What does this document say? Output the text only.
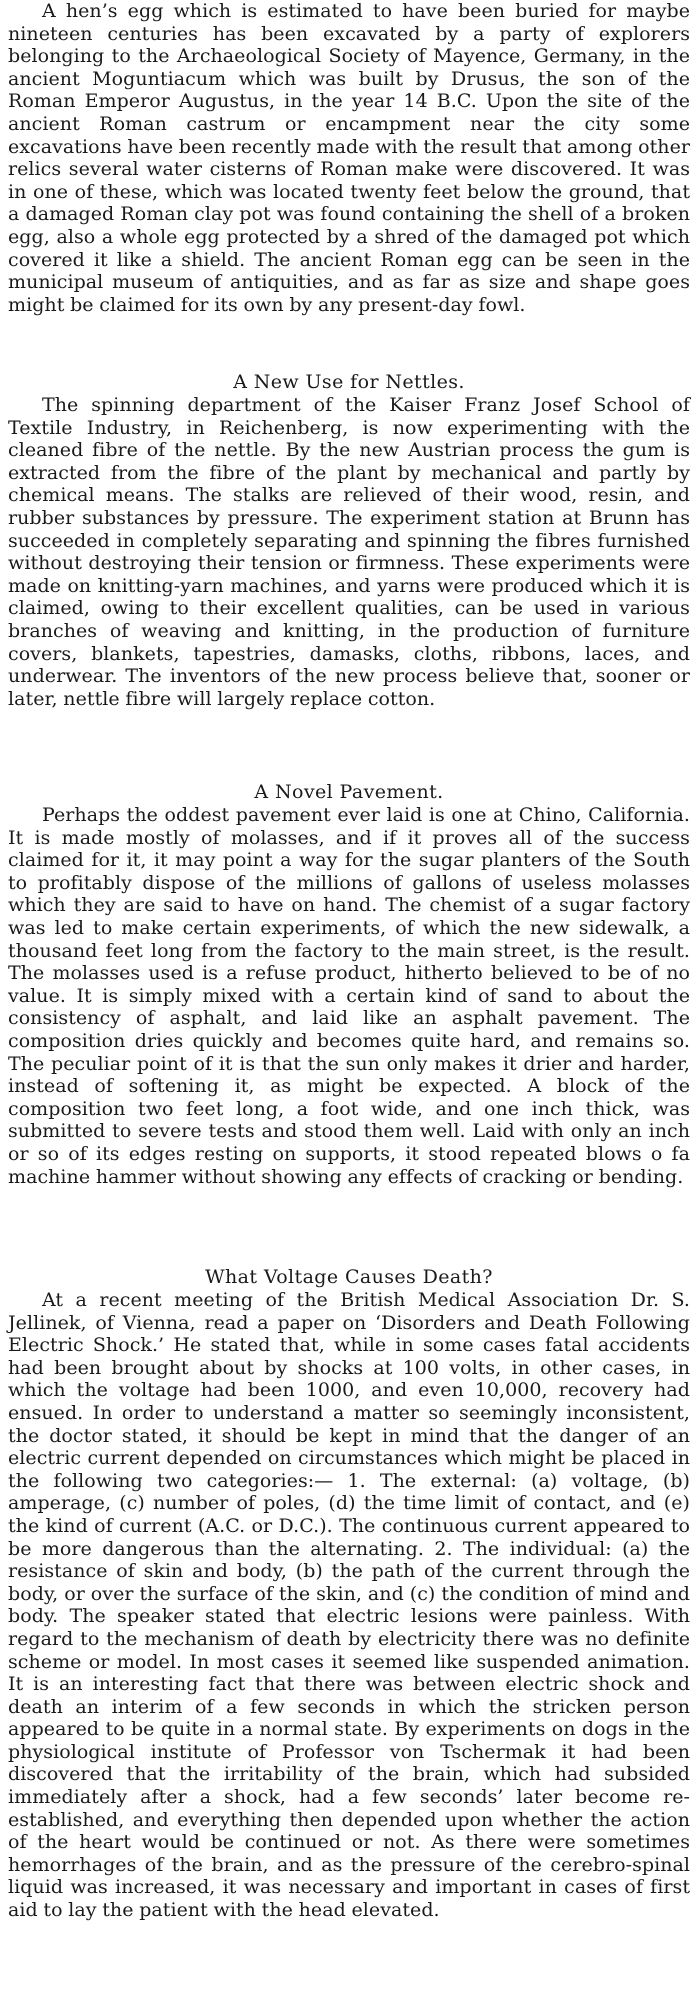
A hen’s egg which is estimated to have been buried for maybe nineteen centuries has been excavated by a party of explorers belonging to the Archaeological Society of Mayence, Germany, in the ancient Moguntiacum which was built by Drusus, the son of the Roman Emperor Augustus, in the year 14 B.C. Upon the site of the ancient Roman castrum or encampment near the city some excavations have been recently made with the result that among other relics several water cisterns of Roman make were discovered. It was in one of these, which was located twenty feet below the ground, that a damaged Roman clay pot was found containing the shell of a broken egg, also a whole egg protected by a shred of the damaged pot which covered it like a shield. The ancient Roman egg can be seen in the municipal museum of antiquities, and as far as size and shape goes might be claimed for its own by any present-day fowl.

A New Use for Nettles.

The spinning department of the Kaiser Franz Josef School of Textile Industry, in Reichenberg, is now experimenting with the cleaned fibre of the nettle. By the new Austrian process the gum is extracted from the fibre of the plant by mechanical and partly by chemical means. The stalks are relieved of their wood, resin, and rubber substances by pressure. The experiment station at Brunn has succeeded in completely separating and spinning the fibres furnished without destroying their tension or firmness. These experiments were made on knitting-yarn machines, and yarns were produced which it is claimed, owing to their excellent qualities, can be used in various branches of weaving and knitting, in the production of furniture covers, blankets, tapestries, damasks, cloths, ribbons, laces, and underwear. The inventors of the new process believe that, sooner or later, nettle fibre will largely replace cotton.

A Novel Pavement.

Perhaps the oddest pavement ever laid is one at Chino, California. It is made mostly of molasses, and if it proves all of the success claimed for it, it may point a way for the sugar planters of the South to profitably dispose of the millions of gallons of useless molasses which they are said to have on hand. The chemist of a sugar factory was led to make certain experiments, of which the new sidewalk, a thousand feet long from the factory to the main street, is the result. The molasses used is a refuse product, hitherto believed to be of no value. It is simply mixed with a certain kind of sand to about the consistency of asphalt, and laid like an asphalt pavement. The composition dries quickly and becomes quite hard, and remains so. The peculiar point of it is that the sun only makes it drier and harder, instead of softening it, as might be expected. A block of the composition two feet long, a foot wide, and one inch thick, was submitted to severe tests and stood them well. Laid with only an inch or so of its edges resting on supports, it stood repeated blows o fa machine hammer without showing any effects of cracking or bending.

What Voltage Causes Death?

At a recent meeting of the British Medical Association Dr. S. Jellinek, of Vienna, read a paper on ‘Disorders and Death Following Electric Shock.’ He stated that, while in some cases fatal accidents had been brought about by shocks at 100 volts, in other cases, in which the voltage had been 1000, and even 10,000, recovery had ensued. In order to understand a matter so seemingly inconsistent, the doctor stated, it should be kept in mind that the danger of an electric current depended on circumstances which might be placed in the following two categories:— 1. The external: (a) voltage, (b) amperage, (c) number of poles, (d) the time limit of contact, and (e) the kind of current (A.C. or D.C.). The continuous current appeared to be more dangerous than the alternating. 2. The individual: (a) the resistance of skin and body, (b) the path of the current through the body, or over the surface of the skin, and (c) the condition of mind and body. The speaker stated that electric lesions were painless. With regard to the mechanism of death by electricity there was no definite scheme or model. In most cases it seemed like suspended animation. It is an interesting fact that there was between electric shock and death an interim of a few seconds in which the stricken person appeared to be quite in a normal state. By experiments on dogs in the physiological institute of Professor von Tschermak it had been discovered that the irritability of the brain, which had subsided immediately after a shock, had a few seconds’ later become re-established, and everything then depended upon whether the action of the heart would be continued or not. As there were sometimes hemorrhages of the brain, and as the pressure of the cerebro-spinal liquid was increased, it was necessary and important in cases of first aid to lay the patient with the head elevated.
